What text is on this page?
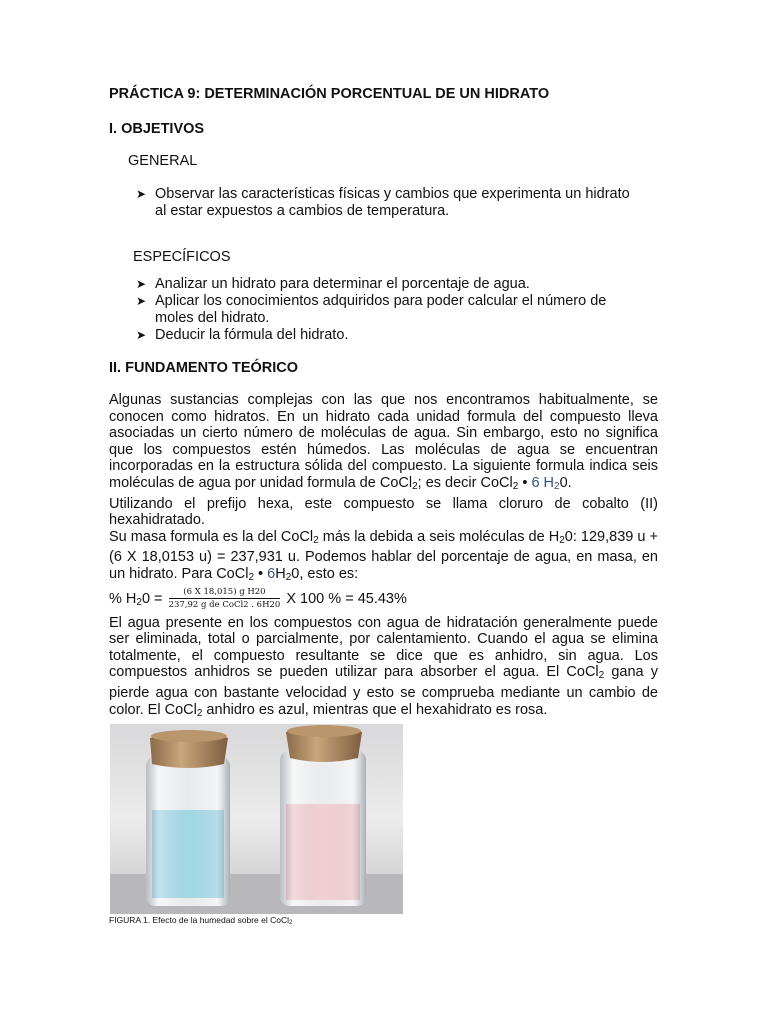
PRÁCTICA 9: DETERMINACIÓN PORCENTUAL DE UN HIDRATO
I. OBJETIVOS
GENERAL
➤ Observar las características físicas y cambios que experimenta un hidrato al estar expuestos a cambios de temperatura.
ESPECÍFICOS
➤ Analizar un hidrato para determinar el porcentaje de agua.
➤ Aplicar los conocimientos adquiridos para poder calcular el número de moles del hidrato.
➤ Deducir la fórmula del hidrato.
II. FUNDAMENTO TEÓRICO

Algunas sustancias complejas con las que nos encontramos habitualmente, se conocen como hidratos. En un hidrato cada unidad formula del compuesto lleva asociadas un cierto número de moléculas de agua. Sin embargo, esto no significa que los compuestos estén húmedos. Las moléculas de agua se encuentran incorporadas en la estructura sólida del compuesto. La siguiente formula indica seis moléculas de agua por unidad formula de CoCl$_2$; es decir CoCl$_2$ • 6 $H_20$.

Utilizando el prefijo hexa, este compuesto se llama cloruro de cobalto (II) hexahidratado.

Su masa formula es la del CoCl$_2$ más la debida a seis moléculas de $H_20$: 129,839 u + (6 X 18,0153 u) = 237,931 u. Podemos hablar del porcentaje de agua, en masa, en un hidrato. Para CoCl$_2$ • $6H_20$, esto es:

% $H_20 = \frac{\text{(6 X 18,015) g H20}}{\text{237,92 g de CoCl2 . 6H20}}$ X 100 % = 45.43%

El agua presente en los compuestos con agua de hidratación generalmente puede ser eliminada, total o parcialmente, por calentamiento. Cuando el agua se elimina totalmente, el compuesto resultante se dice que es anhidro, sin agua. Los compuestos anhidros se pueden utilizar para absorber el agua. El CoCl$_2$ gana y pierde agua con bastante velocidad y esto se comprueba mediante un cambio de color. El CoCl$_2$ anhidro es azul, mientras que el hexahidrato es rosa.

FIGURA 1. Efecto de la humedad sobre el CoCl2
